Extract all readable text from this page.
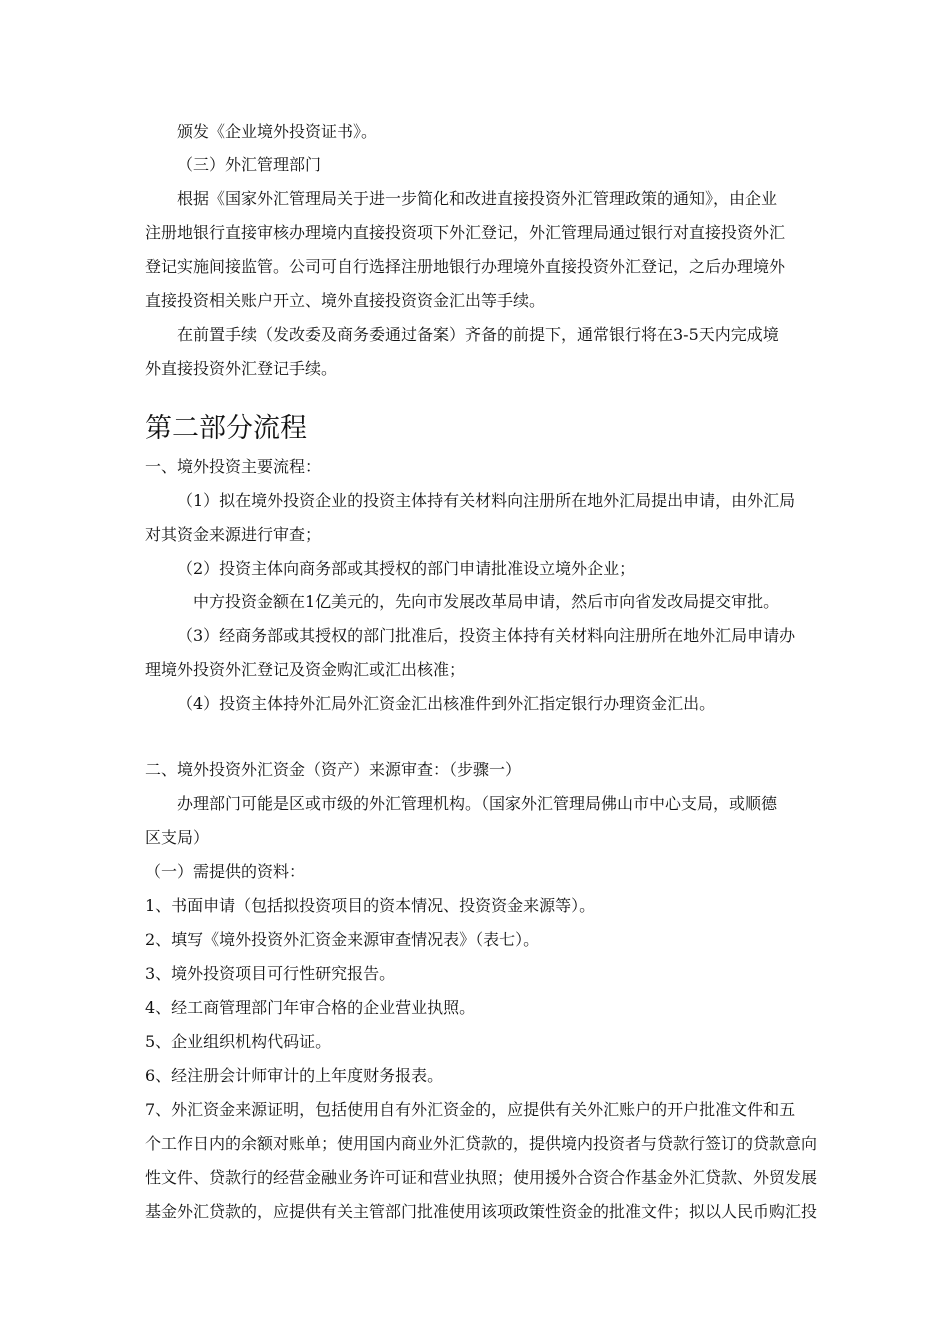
颁发《企业境外投资证书》。
（三）外汇管理部门
根据《国家外汇管理局关于进一步简化和改进直接投资外汇管理政策的通知》，由企业
注册地银行直接审核办理境内直接投资项下外汇登记，外汇管理局通过银行对直接投资外汇
登记实施间接监管。公司可自行选择注册地银行办理境外直接投资外汇登记，之后办理境外
直接投资相关账户开立、境外直接投资资金汇出等手续。
在前置手续（发改委及商务委通过备案）齐备的前提下，通常银行将在3-5天内完成境
外直接投资外汇登记手续。
第二部分流程
一、境外投资主要流程：
（1）拟在境外投资企业的投资主体持有关材料向注册所在地外汇局提出申请，由外汇局
对其资金来源进行审查；
（2）投资主体向商务部或其授权的部门申请批准设立境外企业；
中方投资金额在1亿美元的，先向市发展改革局申请，然后市向省发改局提交审批。
（3）经商务部或其授权的部门批准后，投资主体持有关材料向注册所在地外汇局申请办
理境外投资外汇登记及资金购汇或汇出核准；
（4）投资主体持外汇局外汇资金汇出核准件到外汇指定银行办理资金汇出。
二、境外投资外汇资金（资产）来源审查：（步骤一）
办理部门可能是区或市级的外汇管理机构。（国家外汇管理局佛山市中心支局，或顺德
区支局）
（一）需提供的资料：
1、书面申请（包括拟投资项目的资本情况、投资资金来源等）。
2、填写《境外投资外汇资金来源审查情况表》（表七）。
3、境外投资项目可行性研究报告。
4、经工商管理部门年审合格的企业营业执照。
5、企业组织机构代码证。
6、经注册会计师审计的上年度财务报表。
7、外汇资金来源证明，包括使用自有外汇资金的，应提供有关外汇账户的开户批准文件和五
个工作日内的余额对账单；使用国内商业外汇贷款的，提供境内投资者与贷款行签订的贷款意向
性文件、贷款行的经营金融业务许可证和营业执照；使用援外合资合作基金外汇贷款、外贸发展
基金外汇贷款的，应提供有关主管部门批准使用该项政策性资金的批准文件；拟以人民币购汇投
